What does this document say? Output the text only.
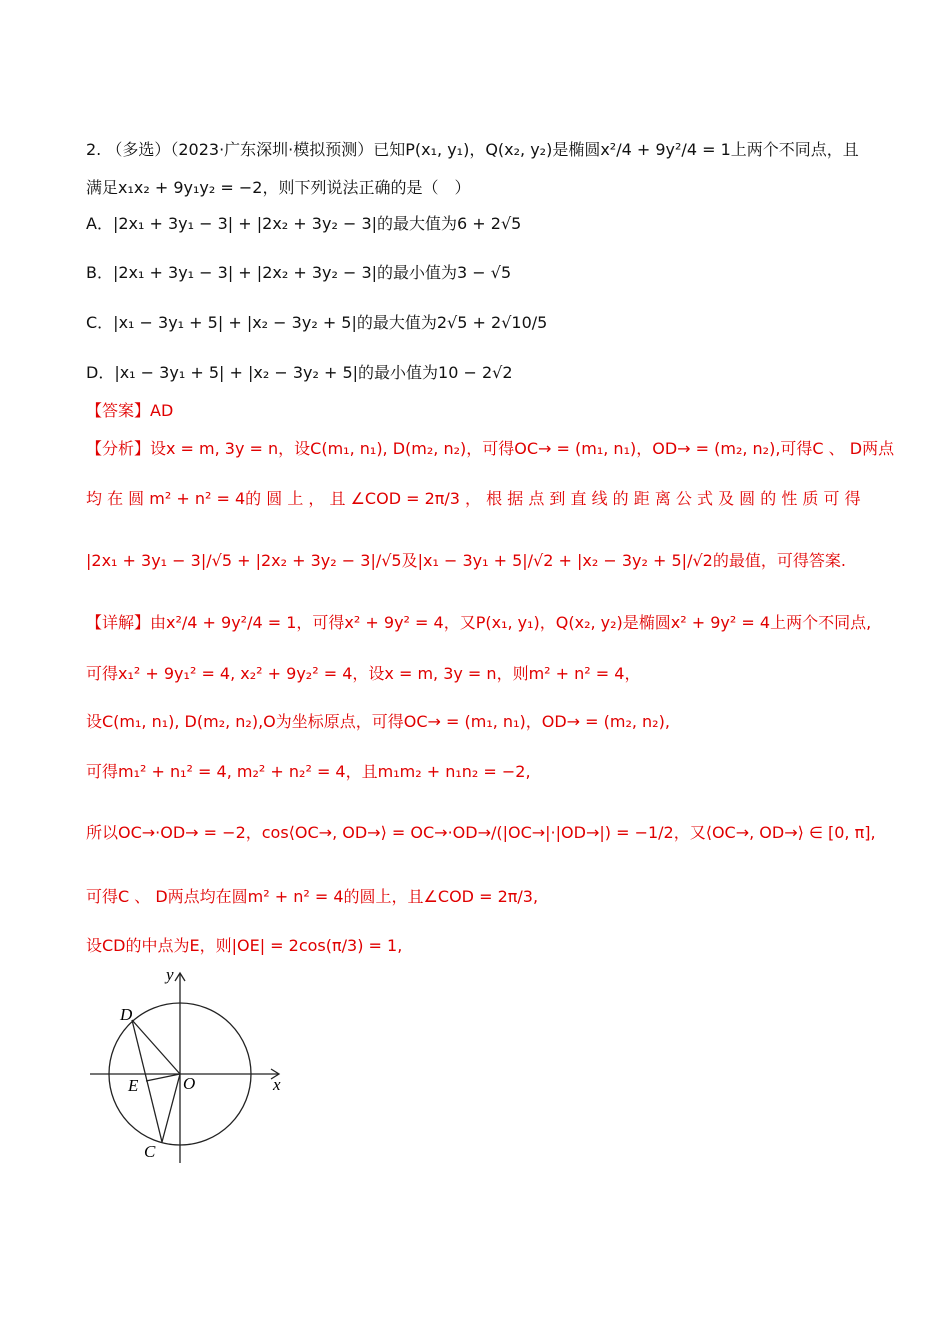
2. （多选）（2023·广东深圳·模拟预测）已知P(x₁, y₁)，Q(x₂, y₂)是椭圆x²/4 + 9y²/4 = 1上两个不同点，且
满足x₁x₂ + 9y₁y₂ = −2，则下列说法正确的是（　）
A．|2x₁ + 3y₁ − 3| + |2x₂ + 3y₂ − 3|的最大值为6 + 2√5
B．|2x₁ + 3y₁ − 3| + |2x₂ + 3y₂ − 3|的最小值为3 − √5
C．|x₁ − 3y₁ + 5| + |x₂ − 3y₂ + 5|的最大值为2√5 + 2√10/5
D．|x₁ − 3y₁ + 5| + |x₂ − 3y₂ + 5|的最小值为10 − 2√2
【答案】AD
【分析】设x = m, 3y = n，设C(m₁, n₁), D(m₂, n₂)，可得OC→ = (m₁, n₁)，OD→ = (m₂, n₂),可得C 、 D两点
均 在 圆 m² + n² = 4的 圆 上 ， 且 ∠COD = 2π/3 ， 根 据 点 到 直 线 的 距 离 公 式 及 圆 的 性 质 可 得
|2x₁ + 3y₁ − 3|/√5 + |2x₂ + 3y₂ − 3|/√5及|x₁ − 3y₁ + 5|/√2 + |x₂ − 3y₂ + 5|/√2的最值，可得答案.
【详解】由x²/4 + 9y²/4 = 1，可得x² + 9y² = 4，又P(x₁, y₁)，Q(x₂, y₂)是椭圆x² + 9y² = 4上两个不同点,
可得x₁² + 9y₁² = 4, x₂² + 9y₂² = 4，设x = m, 3y = n，则m² + n² = 4，
设C(m₁, n₁), D(m₂, n₂),O为坐标原点，可得OC→ = (m₁, n₁)，OD→ = (m₂, n₂),
可得m₁² + n₁² = 4, m₂² + n₂² = 4，且m₁m₂ + n₁n₂ = −2,
所以OC→·OD→ = −2，cos⟨OC→, OD→⟩ = OC→·OD→/(|OC→|·|OD→|) = −1/2，又⟨OC→, OD→⟩ ∈ [0, π],
可得C 、 D两点均在圆m² + n² = 4的圆上，且∠COD = 2π/3,
设CD的中点为E，则|OE| = 2cos(π/3) = 1,
y
x
O
D
E
C
